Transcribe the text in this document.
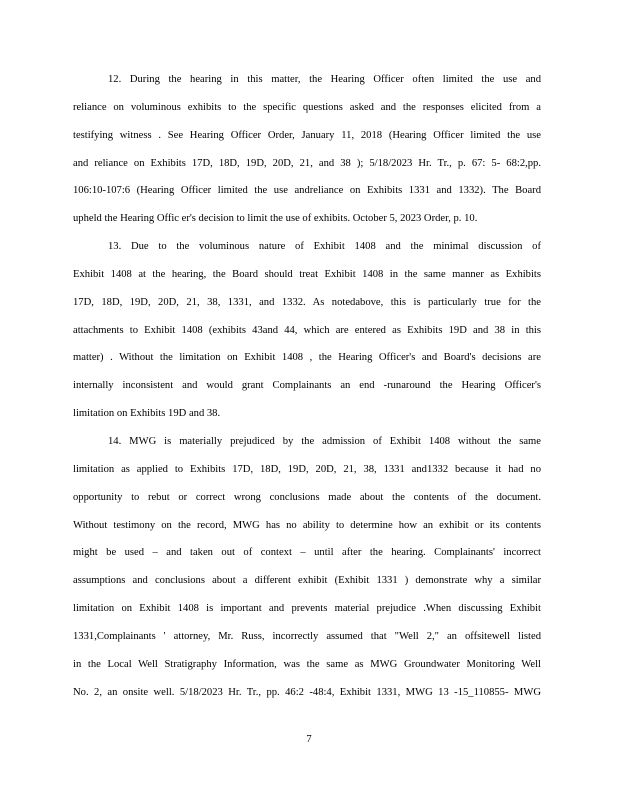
12. During the hearing in this matter, the Hearing Officer often limited the use and
reliance on voluminous exhibits to the specific questions asked and the responses elicited from a
testifying witness . See Hearing Officer Order, January 11, 2018 (Hearing Officer limited the use
and reliance on Exhibits 17D, 18D, 19D, 20D, 21, and 38 ); 5/18/2023 Hr. Tr., p. 67: 5- 68:2,pp.
106:10-107:6 (Hearing Officer limited the use andreliance on Exhibits 1331 and 1332). The Board
upheld the Hearing Offic er's decision to limit the use of exhibits. October 5, 2023 Order, p. 10.
13. Due to the voluminous nature of Exhibit 1408 and the minimal discussion of
Exhibit 1408 at the hearing, the Board should treat Exhibit 1408 in the same manner as Exhibits
17D, 18D, 19D, 20D, 21, 38, 1331, and 1332. As notedabove, this is particularly true for the
attachments to Exhibit 1408 (exhibits 43and 44, which are entered as Exhibits 19D and 38 in this
matter) . Without the limitation on Exhibit 1408 , the Hearing Officer's and Board's decisions are
internally inconsistent and would grant Complainants an end -runaround the Hearing Officer's
limitation on Exhibits 19D and 38.
14. MWG is materially prejudiced by the admission of Exhibit 1408 without the same
limitation as applied to Exhibits 17D, 18D, 19D, 20D, 21, 38, 1331 and1332 because it had no
opportunity to rebut or correct wrong conclusions made about the contents of the document.
Without testimony on the record, MWG has no ability to determine how an exhibit or its contents
might be used – and taken out of context – until after the hearing. Complainants' incorrect
assumptions and conclusions about a different exhibit (Exhibit 1331 ) demonstrate why a similar
limitation on Exhibit 1408 is important and prevents material prejudice .When discussing Exhibit
1331,Complainants ' attorney, Mr. Russ, incorrectly assumed that "Well 2," an offsitewell listed
in the Local Well Stratigraphy Information, was the same as MWG Groundwater Monitoring Well
No. 2, an onsite well. 5/18/2023 Hr. Tr., pp. 46:2 -48:4, Exhibit 1331, MWG 13 -15_110855- MWG
7
